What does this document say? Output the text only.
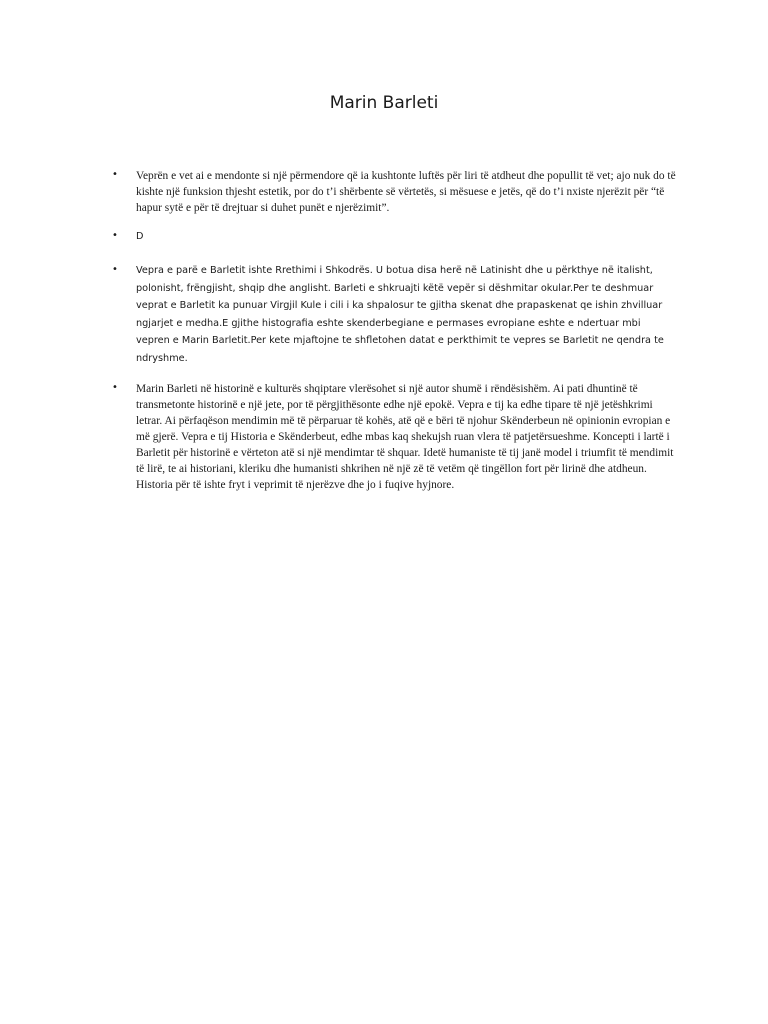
Marin Barleti
• Veprën e vet ai e mendonte si një përmendore që ia kushtonte luftës për liri të atdheut dhe popullit të vet; ajo nuk do të kishte një funksion thjesht estetik, por do t’i shërbente së vërtetës, si mësuese e jetës, që do t’i nxiste njerëzit për “të hapur sytë e për të drejtuar si duhet punët e njerëzimit”.
• D
• Vepra e parë e Barletit ishte Rrethimi i Shkodrës. U botua disa herë në Latinisht dhe u përkthye në italisht, polonisht, frëngjisht, shqip dhe anglisht. Barleti e shkruajti këtë vepër si dëshmitar okular.Per te deshmuar veprat e Barletit ka punuar Virgjil Kule i cili i ka shpalosur te gjitha skenat dhe prapaskenat qe ishin zhvilluar ngjarjet e medha.E gjithe histografia eshte skenderbegiane e permases evropiane eshte e ndertuar mbi vepren e Marin Barletit.Per kete mjaftojne te shfletohen datat e perkthimit te vepres se Barletit ne qendra te ndryshme.
• Marin Barleti në historinë e kulturës shqiptare vlerësohet si një autor shumë i rëndësishëm. Ai pati dhuntinë të transmetonte historinë e një jete, por të përgjithësonte edhe një epokë. Vepra e tij ka edhe tipare të një jetëshkrimi letrar. Ai përfaqëson mendimin më të përparuar të kohës, atë që e bëri të njohur Skënderbeun në opinionin evropian e më gjerë. Vepra e tij Historia e Skënderbeut, edhe mbas kaq shekujsh ruan vlera të patjetërsueshme. Koncepti i lartë i Barletit për historinë e vërteton atë si një mendimtar të shquar. Idetë humaniste të tij janë model i triumfit të mendimit të lirë, te ai historiani, kleriku dhe humanisti shkrihen në një zë të vetëm që tingëllon fort për lirinë dhe atdheun. Historia për të ishte fryt i veprimit të njerëzve dhe jo i fuqive hyjnore.
